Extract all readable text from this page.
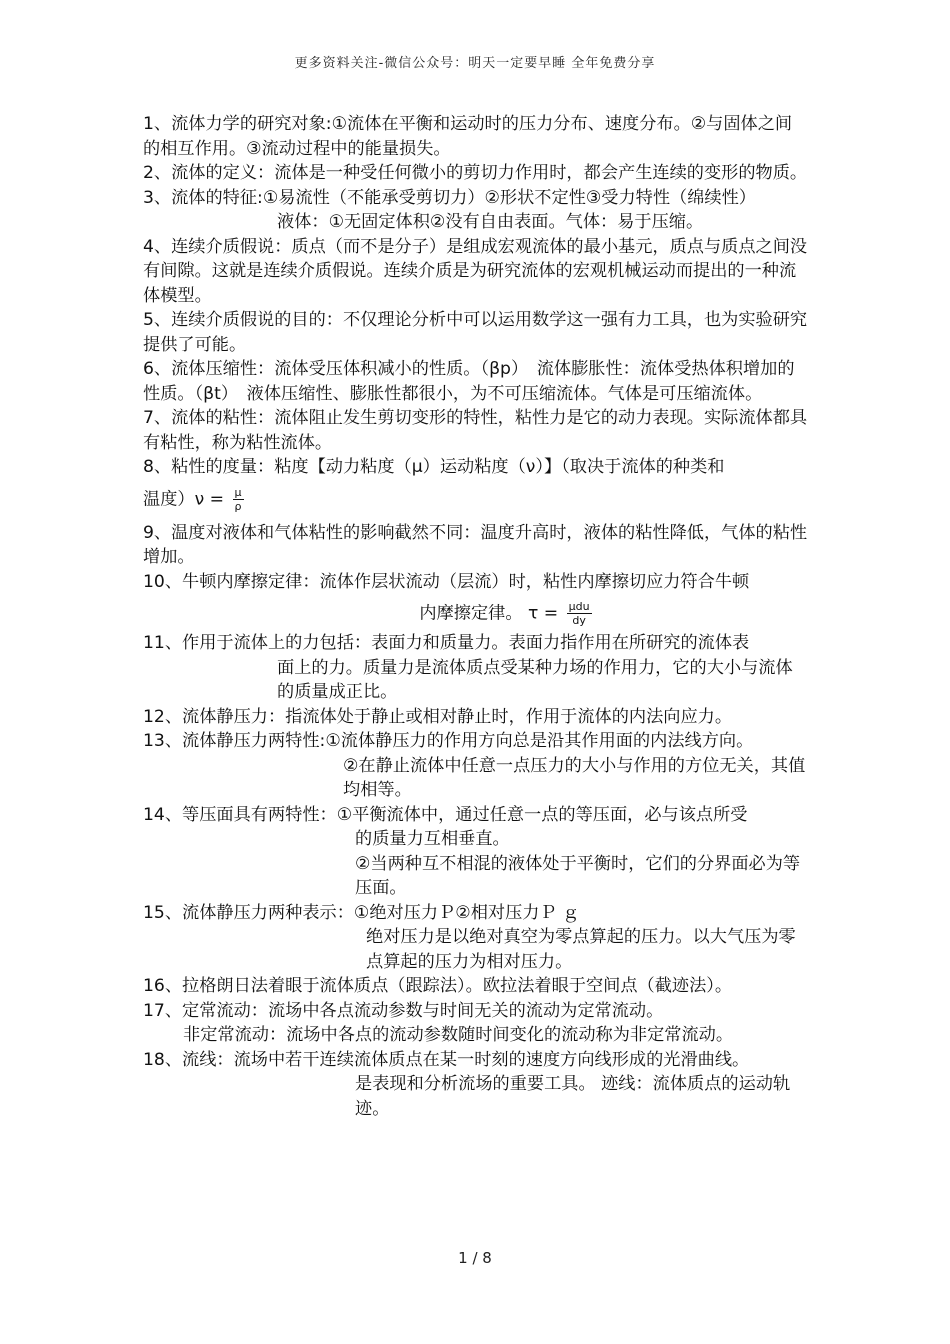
更多资料关注-微信公众号：明天一定要早睡 全年免费分享

1、流体力学的研究对象:①流体在平衡和运动时的压力分布、速度分布。②与固体之间的相互作用。③流动过程中的能量损失。

2、流体的定义：流体是一种受任何微小的剪切力作用时，都会产生连续的变形的物质。

3、流体的特征:①易流性（不能承受剪切力）②形状不定性③受力特性（绵续性）

液体：①无固定体积②没有自由表面。气体：易于压缩。

4、连续介质假说：质点（而不是分子）是组成宏观流体的最小基元，质点与质点之间没有间隙。这就是连续介质假说。连续介质是为研究流体的宏观机械运动而提出的一种流体模型。

5、连续介质假说的目的：不仅理论分析中可以运用数学这一强有力工具，也为实验研究提供了可能。

6、流体压缩性：流体受压体积减小的性质。（βp）　流体膨胀性：流体受热体积增加的性质。（βt）　液体压缩性、膨胀性都很小，为不可压缩流体。气体是可压缩流体。

7、流体的粘性：流体阻止发生剪切变形的特性，粘性力是它的动力表现。实际流体都具有粘性，称为粘性流体。

8、粘性的度量：粘度【动力粘度（μ）运动粘度（ν）】（取决于流体的种类和

温度）$\nu = \frac{\mu}{\rho}$

9、温度对液体和气体粘性的影响截然不同：温度升高时，液体的粘性降低，气体的粘性增加。

10、牛顿内摩擦定律：流体作层状流动（层流）时，粘性内摩擦切应力符合牛顿

内摩擦定律。 $\tau = \frac{\text{μdu}}{dy}$

11、作用于流体上的力包括：表面力和质量力。表面力指作用在所研究的流体表

面上的力。质量力是流体质点受某种力场的作用力，它的大小与流体的质量成正比。

12、流体静压力：指流体处于静止或相对静止时，作用于流体的内法向应力。

13、流体静压力两特性:①流体静压力的作用方向总是沿其作用面的内法线方向。

②在静止流体中任意一点压力的大小与作用的方位无关，其值均相等。

14、等压面具有两特性：①平衡流体中，通过任意一点的等压面，必与该点所受

的质量力互相垂直。

②当两种互不相混的液体处于平衡时，它们的分界面必为等压面。

15、流体静压力两种表示：①绝对压力Ｐ②相对压力Ｐ ｇ

绝对压力是以绝对真空为零点算起的压力。以大气压为零点算起的压力为相对压力。

16、拉格朗日法着眼于流体质点（跟踪法）。欧拉法着眼于空间点（截迹法）。

17、定常流动：流场中各点流动参数与时间无关的流动为定常流动。

非定常流动：流场中各点的流动参数随时间变化的流动称为非定常流动。

18、流线：流场中若干连续流体质点在某一时刻的速度方向线形成的光滑曲线。

是表现和分析流场的重要工具。 迹线：流体质点的运动轨迹。

1 / 8
